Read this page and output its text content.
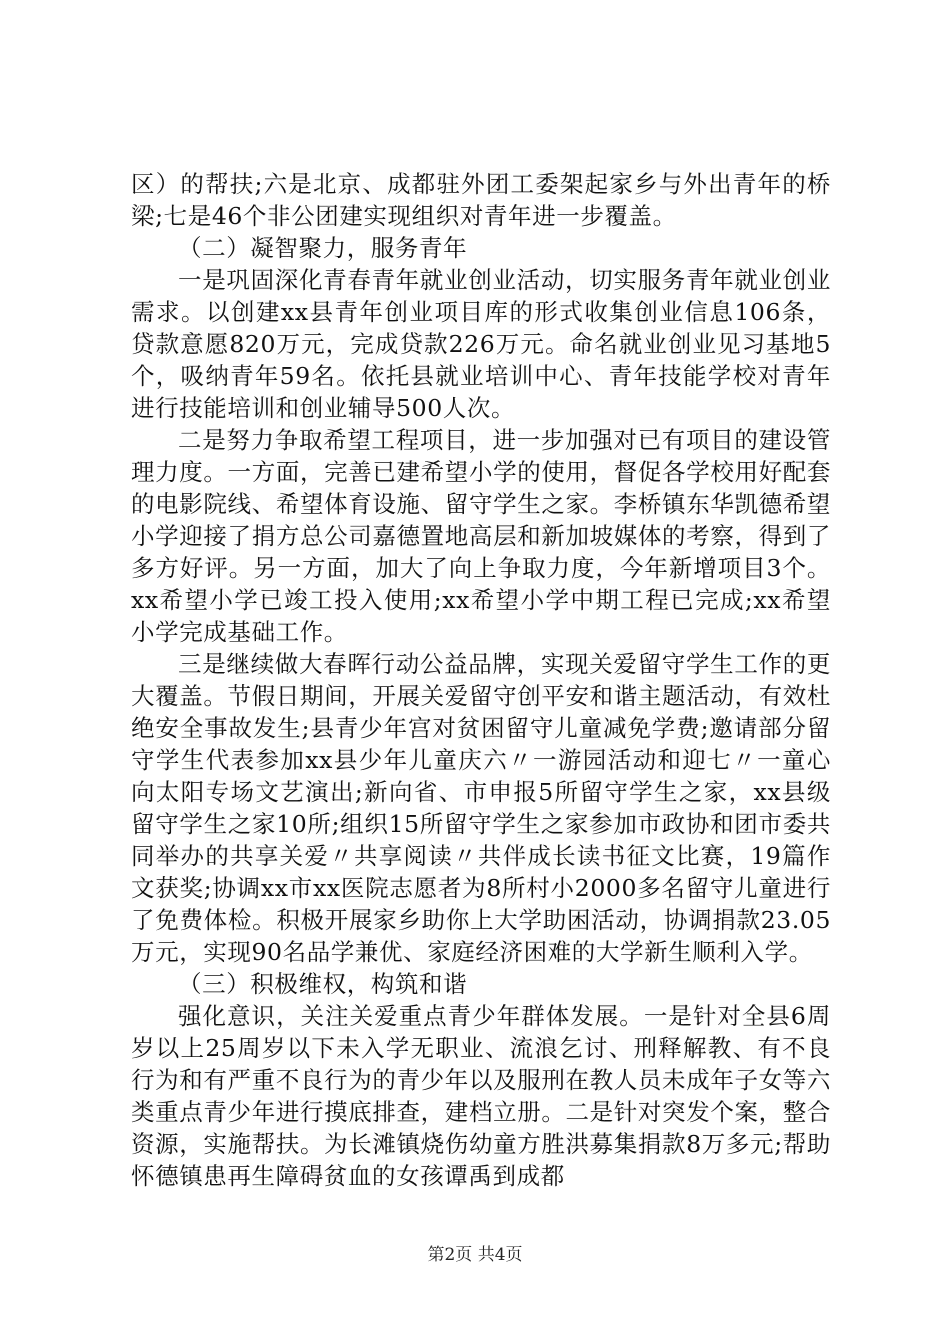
区）的帮扶;六是北京、成都驻外团工委架起家乡与外出青年的桥梁;七是46个非公团建实现组织对青年进一步覆盖。

（二）凝智聚力，服务青年

一是巩固深化青春青年就业创业活动，切实服务青年就业创业需求。以创建xx县青年创业项目库的形式收集创业信息106条，贷款意愿820万元，完成贷款226万元。命名就业创业见习基地5个，吸纳青年59名。依托县就业培训中心、青年技能学校对青年进行技能培训和创业辅导500人次。

二是努力争取希望工程项目，进一步加强对已有项目的建设管理力度。一方面，完善已建希望小学的使用，督促各学校用好配套的电影院线、希望体育设施、留守学生之家。李桥镇东华凯德希望小学迎接了捐方总公司嘉德置地高层和新加坡媒体的考察，得到了多方好评。另一方面，加大了向上争取力度，今年新增项目3个。xx希望小学已竣工投入使用;xx希望小学中期工程已完成;xx希望小学完成基础工作。

三是继续做大春晖行动公益品牌，实现关爱留守学生工作的更大覆盖。节假日期间，开展关爱留守创平安和谐主题活动，有效杜绝安全事故发生;县青少年宫对贫困留守儿童减免学费;邀请部分留守学生代表参加xx县少年儿童庆六〃一游园活动和迎七〃一童心向太阳专场文艺演出;新向省、市申报5所留守学生之家，xx县级留守学生之家10所;组织15所留守学生之家参加市政协和团市委共同举办的共享关爱〃共享阅读〃共伴成长读书征文比赛，19篇作文获奖;协调xx市xx医院志愿者为8所村小2000多名留守儿童进行了免费体检。积极开展家乡助你上大学助困活动，协调捐款23.05万元，实现90名品学兼优、家庭经济困难的大学新生顺利入学。

（三）积极维权，构筑和谐

强化意识，关注关爱重点青少年群体发展。一是针对全县6周岁以上25周岁以下未入学无职业、流浪乞讨、刑释解教、有不良行为和有严重不良行为的青少年以及服刑在教人员未成年子女等六类重点青少年进行摸底排查，建档立册。二是针对突发个案，整合资源，实施帮扶。为长滩镇烧伤幼童方胜洪募集捐款8万多元;帮助怀德镇患再生障碍贫血的女孩谭禹到成都

第2页 共4页
